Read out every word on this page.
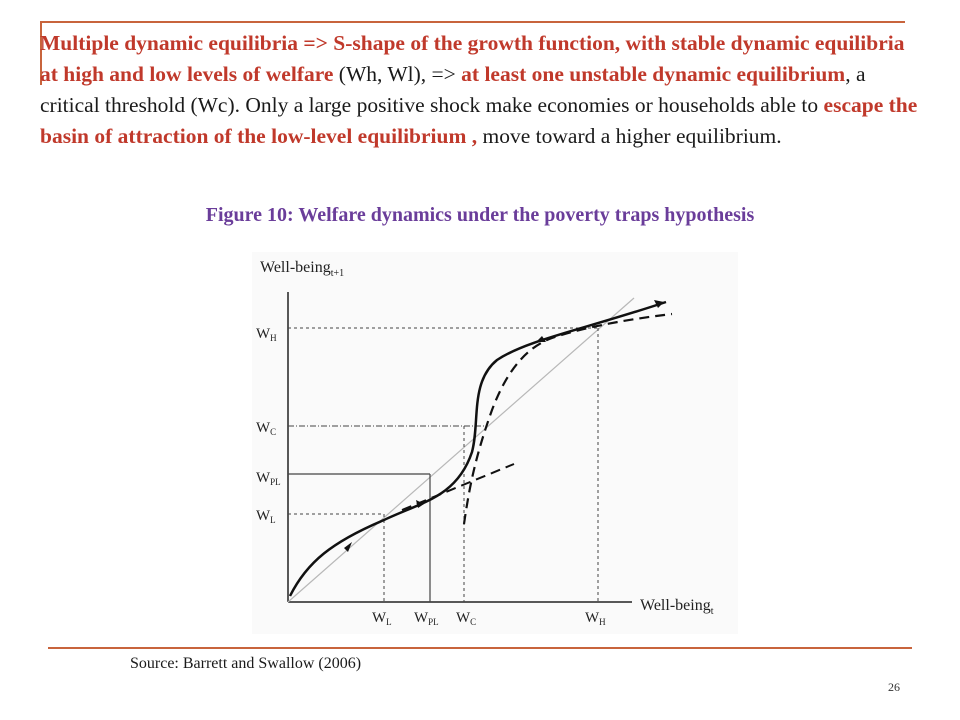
Multiple dynamic equilibria => S-shape of the growth function, with stable dynamic equilibria at high and low levels of welfare (Wh, Wl), => at least one unstable dynamic equilibrium, a critical threshold (Wc). Only a large positive shock make economies or households able to escape the basin of attraction of the low-level equilibrium , move toward a higher equilibrium.
Figure 10: Welfare dynamics under the poverty traps hypothesis
Well-being$_{t+1}$
Well-being$_t$
$W_H$
$W_C$
$W_{PL}$
$W_L$
$W_L$ $W_{PL}$ $W_C$	$W_H$
Source: Barrett and Swallow (2006)
26
